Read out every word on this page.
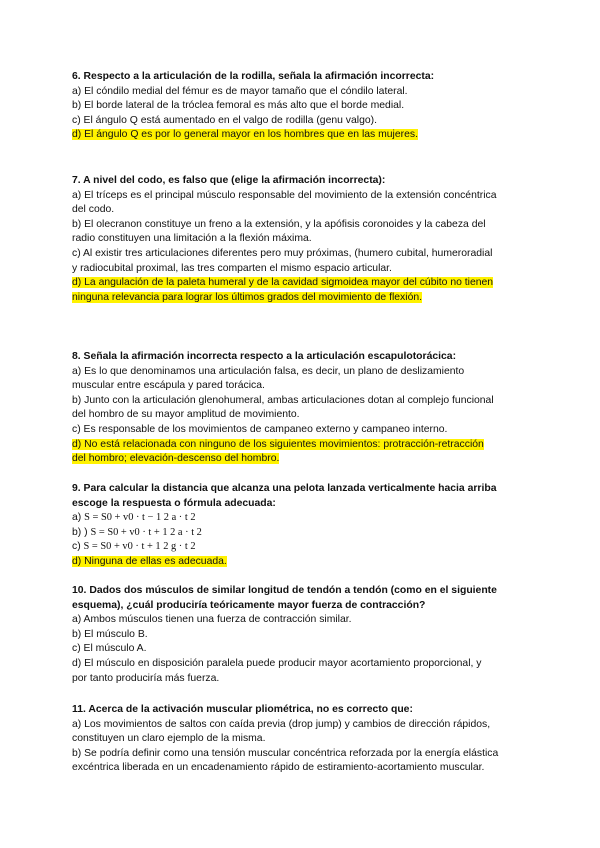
6. Respecto a la articulación de la rodilla, señala la afirmación incorrecta:
a) El cóndilo medial del fémur es de mayor tamaño que el cóndilo lateral.
b) El borde lateral de la tróclea femoral es más alto que el borde medial.
c) El ángulo Q está aumentado en el valgo de rodilla (genu valgo).
d) El ángulo Q es por lo general mayor en los hombres que en las mujeres.
7. A nivel del codo, es falso que (elige la afirmación incorrecta):
a) El tríceps es el principal músculo responsable del movimiento de la extensión concéntrica
del codo.
b) El olecranon constituye un freno a la extensión, y la apófisis coronoides y la cabeza del
radio constituyen una limitación a la flexión máxima.
c) Al existir tres articulaciones diferentes pero muy próximas, (humero cubital, humeroradial
y radiocubital proximal, las tres comparten el mismo espacio articular.
d) La angulación de la paleta humeral y de la cavidad sigmoidea mayor del cúbito no tienen
ninguna relevancia para lograr los últimos grados del movimiento de flexión.
8. Señala la afirmación incorrecta respecto a la articulación escapulotorácica:
a) Es lo que denominamos una articulación falsa, es decir, un plano de deslizamiento
muscular entre escápula y pared torácica.
b) Junto con la articulación glenohumeral, ambas articulaciones dotan al complejo funcional
del hombro de su mayor amplitud de movimiento.
c) Es responsable de los movimientos de campaneo externo y campaneo interno.
d) No está relacionada con ninguno de los siguientes movimientos: protracción-retracción
del hombro; elevación-descenso del hombro.
9. Para calcular la distancia que alcanza una pelota lanzada verticalmente hacia arriba
escoge la respuesta o fórmula adecuada:
a) S = S0 + v0 · t − 1 2 a · t 2
b) ) S = S0 + v0 · t + 1 2 a · t 2
c) S = S0 + v0 · t + 1 2 g · t 2
d) Ninguna de ellas es adecuada.
10. Dados dos músculos de similar longitud de tendón a tendón (como en el siguiente
esquema), ¿cuál produciría teóricamente mayor fuerza de contracción?
a) Ambos músculos tienen una fuerza de contracción similar.
b) El músculo B.
c) El músculo A.
d) El músculo en disposición paralela puede producir mayor acortamiento proporcional, y
por tanto produciría más fuerza.
11. Acerca de la activación muscular pliométrica, no es correcto que:
a) Los movimientos de saltos con caída previa (drop jump) y cambios de dirección rápidos,
constituyen un claro ejemplo de la misma.
b) Se podría definir como una tensión muscular concéntrica reforzada por la energía elástica
excéntrica liberada en un encadenamiento rápido de estiramiento-acortamiento muscular.
